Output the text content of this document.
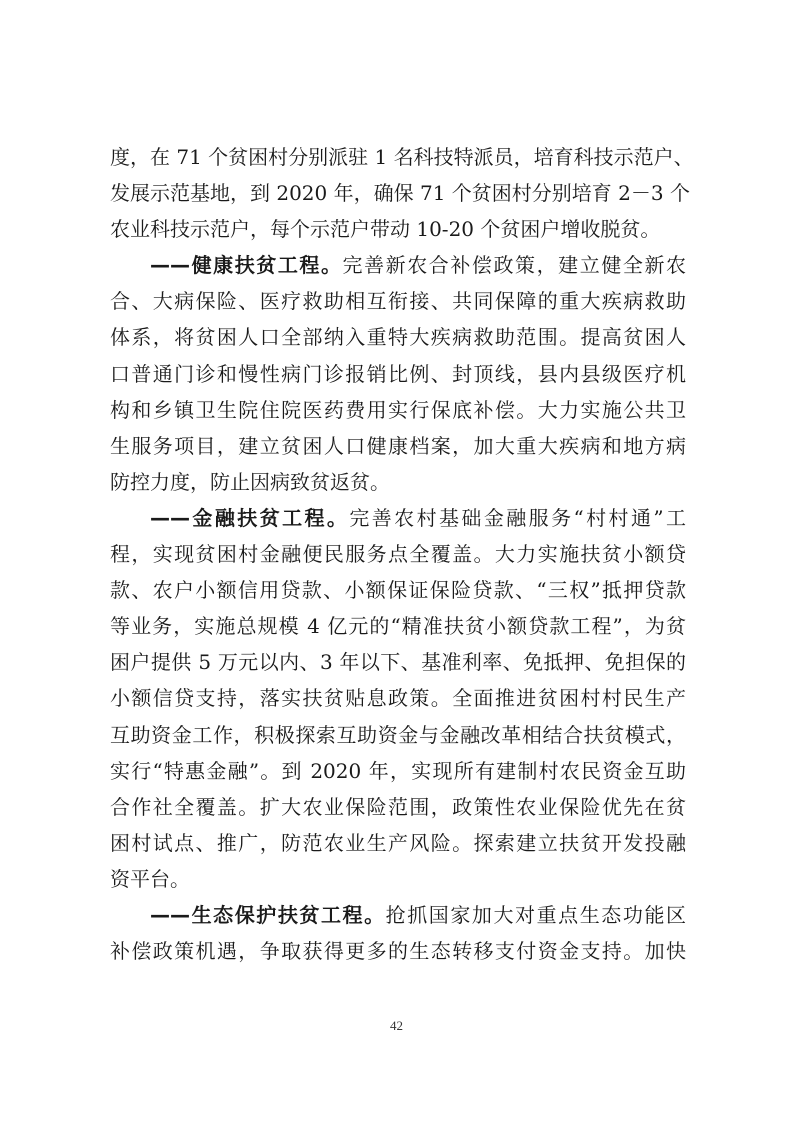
度，在 71 个贫困村分别派驻 1 名科技特派员，培育科技示范户、
发展示范基地，到 2020 年，确保 71 个贫困村分别培育 2－3 个
农业科技示范户，每个示范户带动 10-20 个贫困户增收脱贫。
——健康扶贫工程。完善新农合补偿政策，建立健全新农
合、大病保险、医疗救助相互衔接、共同保障的重大疾病救助
体系，将贫困人口全部纳入重特大疾病救助范围。提高贫困人
口普通门诊和慢性病门诊报销比例、封顶线，县内县级医疗机
构和乡镇卫生院住院医药费用实行保底补偿。大力实施公共卫
生服务项目，建立贫困人口健康档案，加大重大疾病和地方病
防控力度，防止因病致贫返贫。
——金融扶贫工程。完善农村基础金融服务“村村通”工
程，实现贫困村金融便民服务点全覆盖。大力实施扶贫小额贷
款、农户小额信用贷款、小额保证保险贷款、“三权”抵押贷款
等业务，实施总规模 4 亿元的“精准扶贫小额贷款工程”，为贫
困户提供 5 万元以内、3 年以下、基准利率、免抵押、免担保的
小额信贷支持，落实扶贫贴息政策。全面推进贫困村村民生产
互助资金工作，积极探索互助资金与金融改革相结合扶贫模式，
实行“特惠金融”。到 2020 年，实现所有建制村农民资金互助
合作社全覆盖。扩大农业保险范围，政策性农业保险优先在贫
困村试点、推广，防范农业生产风险。探索建立扶贫开发投融
资平台。
——生态保护扶贫工程。抢抓国家加大对重点生态功能区
补偿政策机遇，争取获得更多的生态转移支付资金支持。加快
42
